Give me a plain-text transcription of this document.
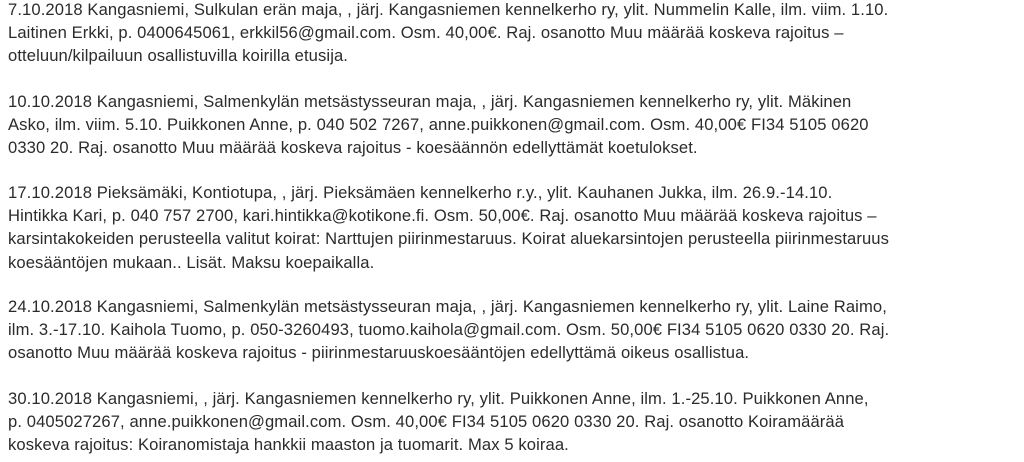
7.10.2018 Kangasniemi, Sulkulan erän maja, , järj. Kangasniemen kennelkerho ry, ylit. Nummelin Kalle, ilm. viim. 1.10.
Laitinen Erkki, p. 0400645061, erkkil56@gmail.com. Osm. 40,00€. Raj. osanotto Muu määrää koskeva rajoitus –
otteluun/kilpailuun osallistuvilla koirilla etusija.
10.10.2018 Kangasniemi, Salmenkylän metsästysseuran maja, , järj. Kangasniemen kennelkerho ry, ylit. Mäkinen
Asko, ilm. viim. 5.10. Puikkonen Anne, p. 040 502 7267, anne.puikkonen@gmail.com. Osm. 40,00€ FI34 5105 0620
0330 20. Raj. osanotto Muu määrää koskeva rajoitus - koesäännön edellyttämät koetulokset.
17.10.2018 Pieksämäki, Kontiotupa, , järj. Pieksämäen kennelkerho r.y., ylit. Kauhanen Jukka, ilm. 26.9.-14.10.
Hintikka Kari, p. 040 757 2700, kari.hintikka@kotikone.fi. Osm. 50,00€. Raj. osanotto Muu määrää koskeva rajoitus –
karsintakokeiden perusteella valitut koirat: Narttujen piirinmestaruus. Koirat aluekarsintojen perusteella piirinmestaruus
koesääntöjen mukaan.. Lisät. Maksu koepaikalla.
24.10.2018 Kangasniemi, Salmenkylän metsästysseuran maja, , järj. Kangasniemen kennelkerho ry, ylit. Laine Raimo,
ilm. 3.-17.10. Kaihola Tuomo, p. 050-3260493, tuomo.kaihola@gmail.com. Osm. 50,00€ FI34 5105 0620 0330 20. Raj.
osanotto Muu määrää koskeva rajoitus - piirinmestaruuskoesääntöjen edellyttämä oikeus osallistua.
30.10.2018 Kangasniemi, , järj. Kangasniemen kennelkerho ry, ylit. Puikkonen Anne, ilm. 1.-25.10. Puikkonen Anne,
p. 0405027267, anne.puikkonen@gmail.com. Osm. 40,00€ FI34 5105 0620 0330 20. Raj. osanotto Koiramäärää
koskeva rajoitus: Koiranomistaja hankkii maaston ja tuomarit. Max 5 koiraa.
